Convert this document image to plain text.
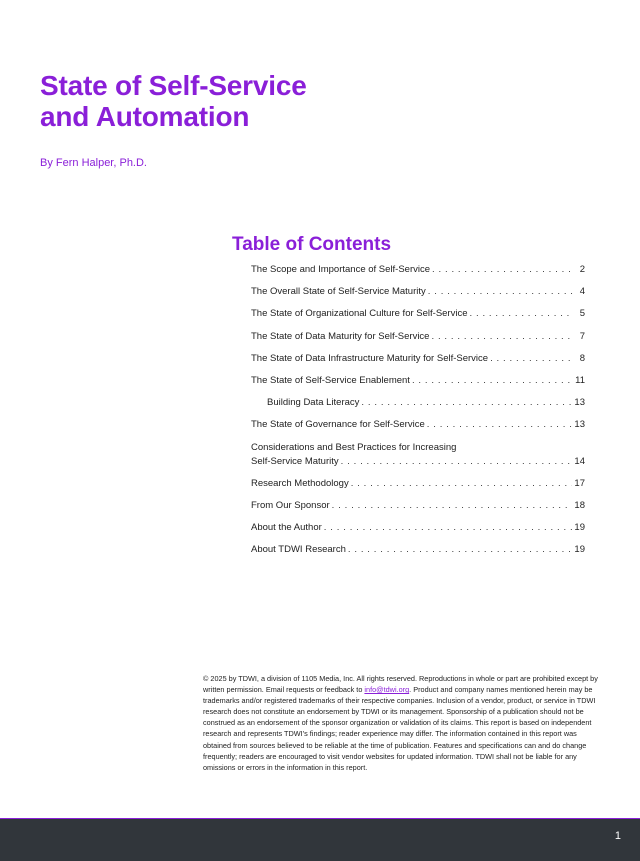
State of Self-Service
and Automation
By Fern Halper, Ph.D.
Table of Contents
The Scope and Importance of Self-Service . . .	2
The Overall State of Self-Service Maturity . . .	4
The State of Organizational Culture for Self-Service . . .	5
The State of Data Maturity for Self-Service . . .	7
The State of Data Infrastructure Maturity for Self-Service . . .	8
The State of Self-Service Enablement . . .	11
Building Data Literacy . . .	13
The State of Governance for Self-Service . . .	13
Considerations and Best Practices for Increasing
Self-Service Maturity . . .	14
Research Methodology . . .	17
From Our Sponsor . . .	18
About the Author . . .	19
About TDWI Research . . .	19

© 2025 by TDWI, a division of 1105 Media, Inc. All rights reserved. Reproductions in whole or part are prohibited except by written permission. Email requests or feedback to info@tdwi.org. Product and company names mentioned herein may be trademarks and/or registered trademarks of their respective companies. Inclusion of a vendor, product, or service in TDWI research does not constitute an endorsement by TDWI or its management. Sponsorship of a publication should not be construed as an endorsement of the sponsor organization or validation of its claims. This report is based on independent research and represents TDWI’s findings; reader experience may differ. The information contained in this report was obtained from sources believed to be reliable at the time of publication. Features and specifications can and do change frequently; readers are encouraged to visit vendor websites for updated information. TDWI shall not be liable for any omissions or errors in the information in this report.

1
